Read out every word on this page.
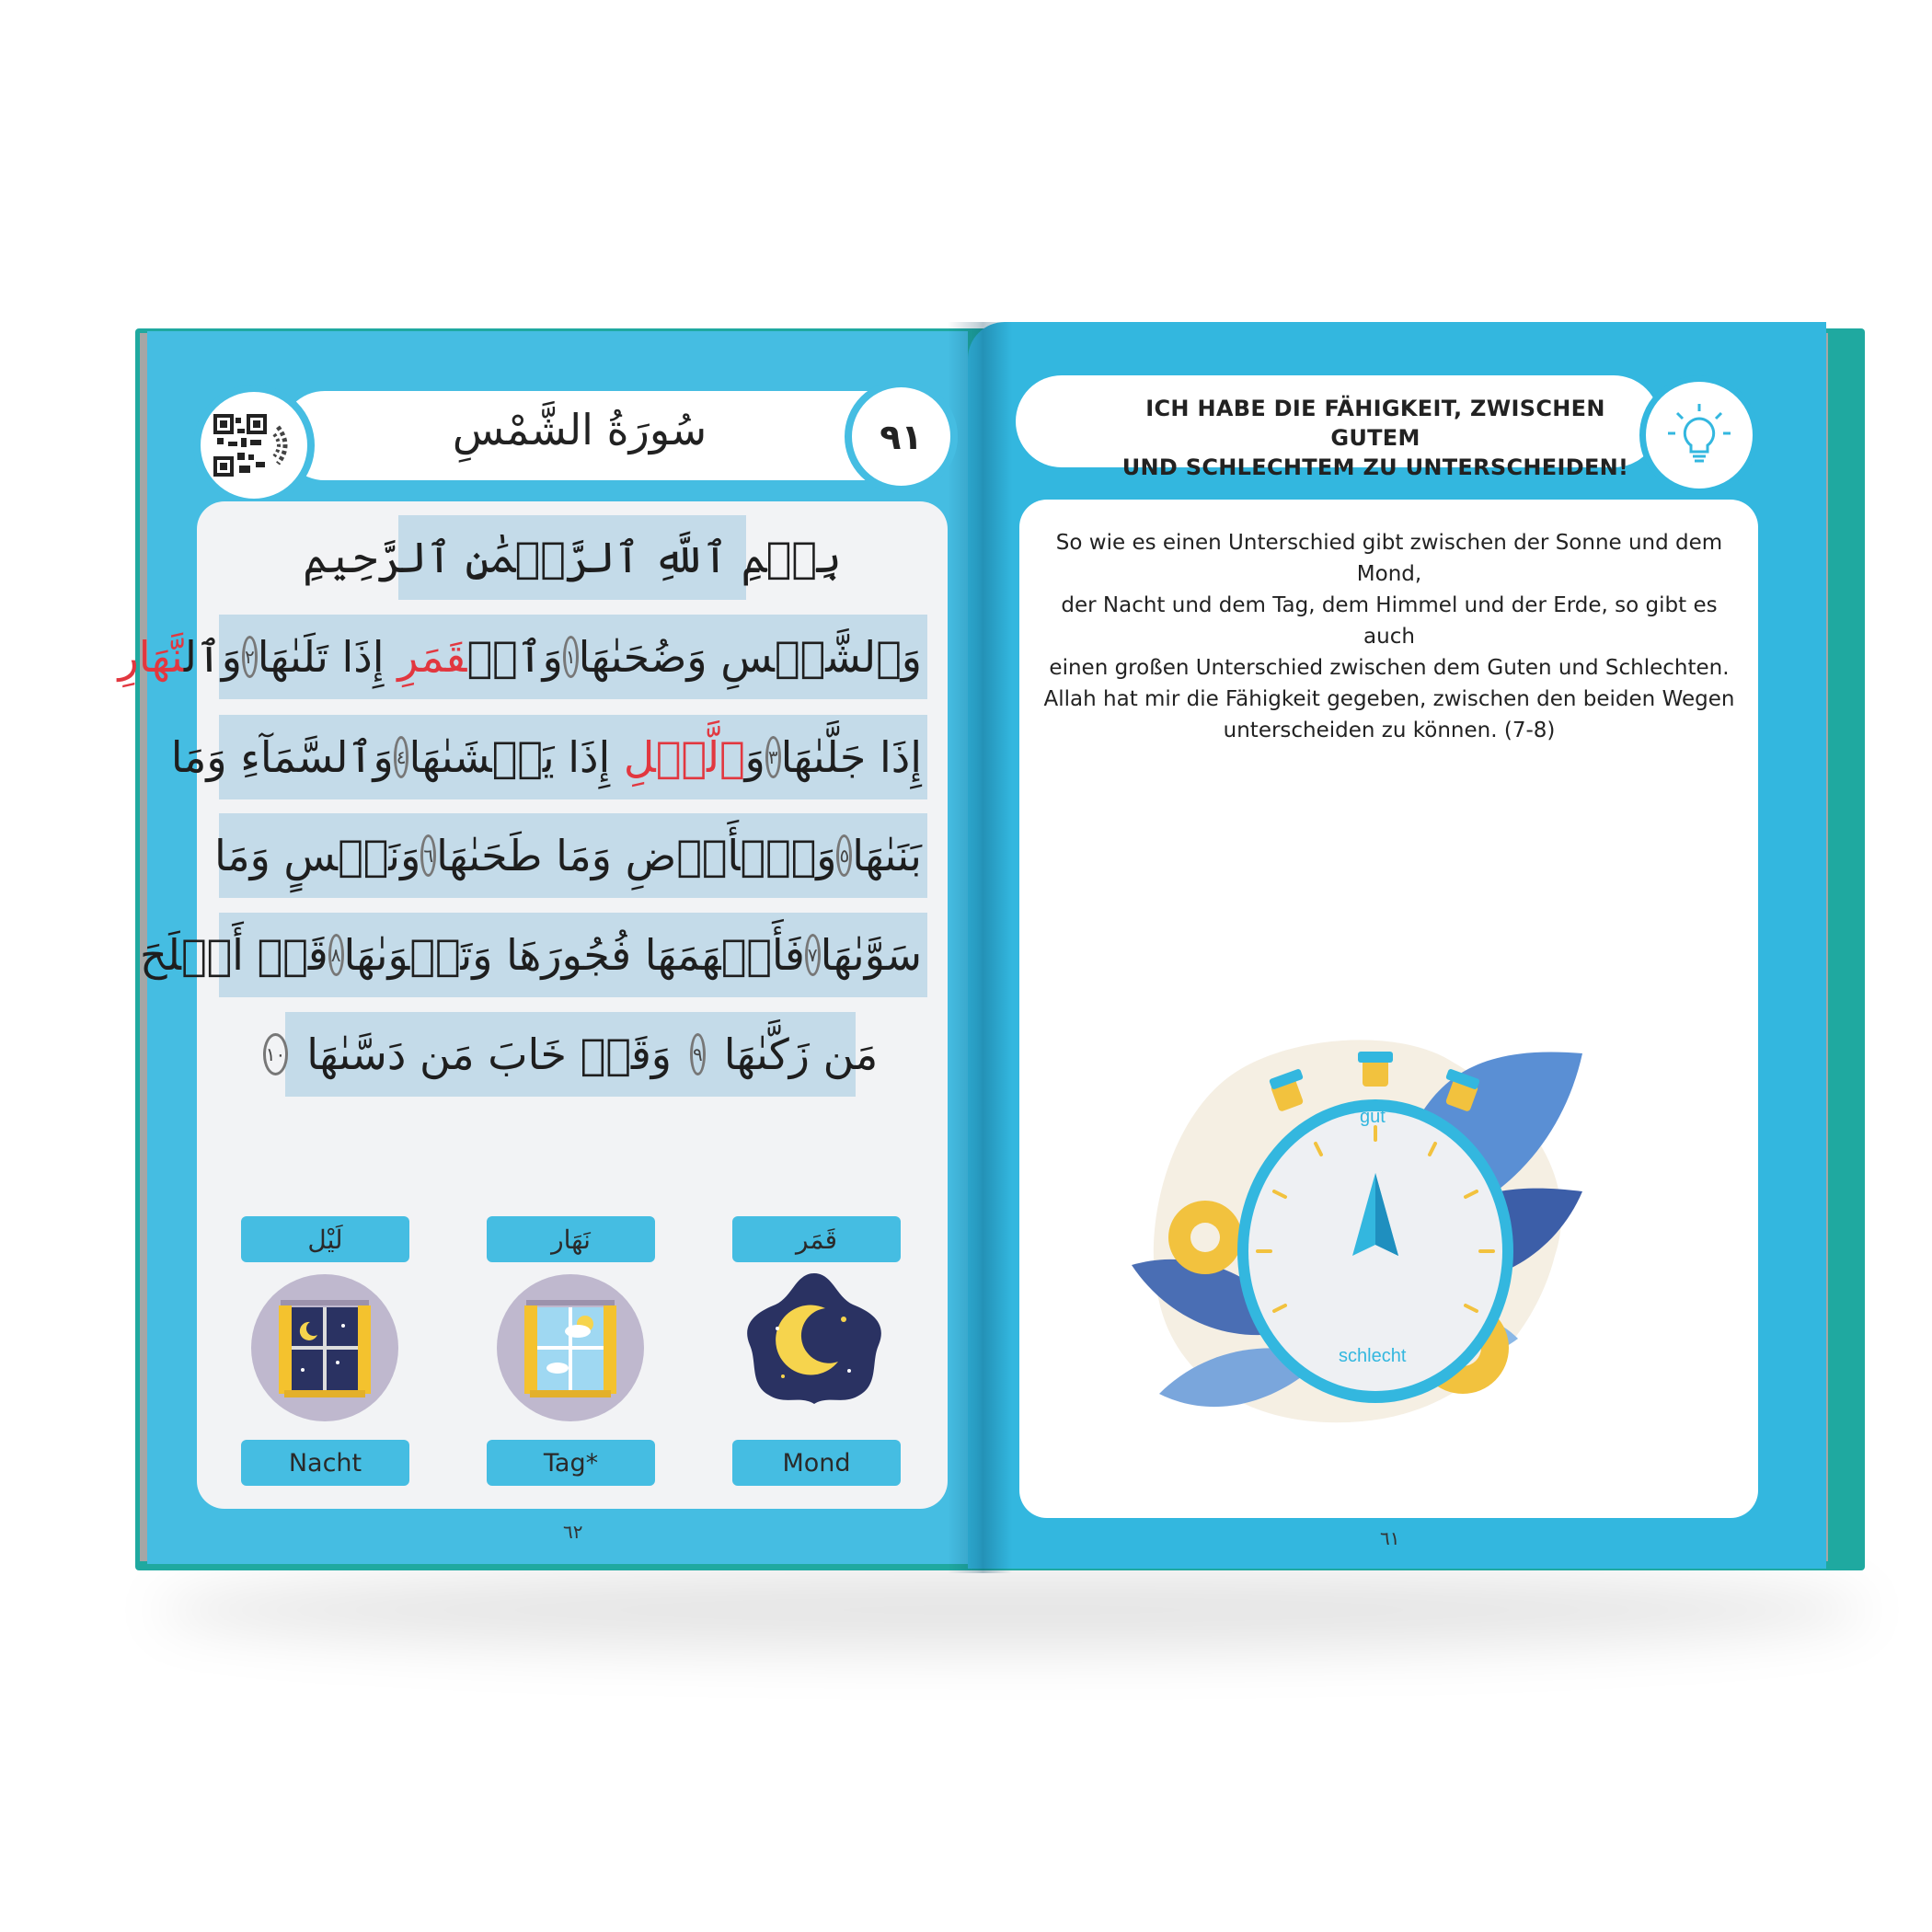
سُورَةُ الشَّمْسِ	٩١
بِسۡمِ ٱللَّهِ ٱلرَّحۡمَٰنِ ٱلرَّحِيمِ
وَٱلشَّمۡسِ وَضُحَىٰهَا
١
وَٱلۡقَمَرِ إِذَا تَلَىٰهَا
٢
وَٱلنَّهَارِ
إِذَا جَلَّىٰهَا
٣
وَٱلَّيۡلِ إِذَا يَغۡشَىٰهَا
٤
وَٱلسَّمَآءِ وَمَا
بَنَىٰهَا
٥
وَٱلۡأَرۡضِ وَمَا طَحَىٰهَا
٦
وَنَفۡسٍ وَمَا
سَوَّىٰهَا
٧
فَأَلۡهَمَهَا فُجُورَهَا وَتَقۡوَىٰهَا
٨
قَدۡ أَفۡلَحَ
مَن زَكَّىٰهَا
٩
وَقَدۡ خَابَ مَن دَسَّىٰهَا
١٠
لَيْل
Nacht
نَهَار
Tag*
قَمَر
Mond
٦٢
ICH HABE DIE FÄHIGKEIT, ZWISCHEN GUTEM
UND SCHLECHTEM ZU UNTERSCHEIDEN!
So wie es einen Unterschied gibt zwischen der Sonne und dem Mond,
der Nacht und dem Tag, dem Himmel und der Erde, so gibt es auch
einen großen Unterschied zwischen dem Guten und Schlechten.
Allah hat mir die Fähigkeit gegeben, zwischen den beiden Wegen
unterscheiden zu können. (7-8)
gut
schlecht
٦١
